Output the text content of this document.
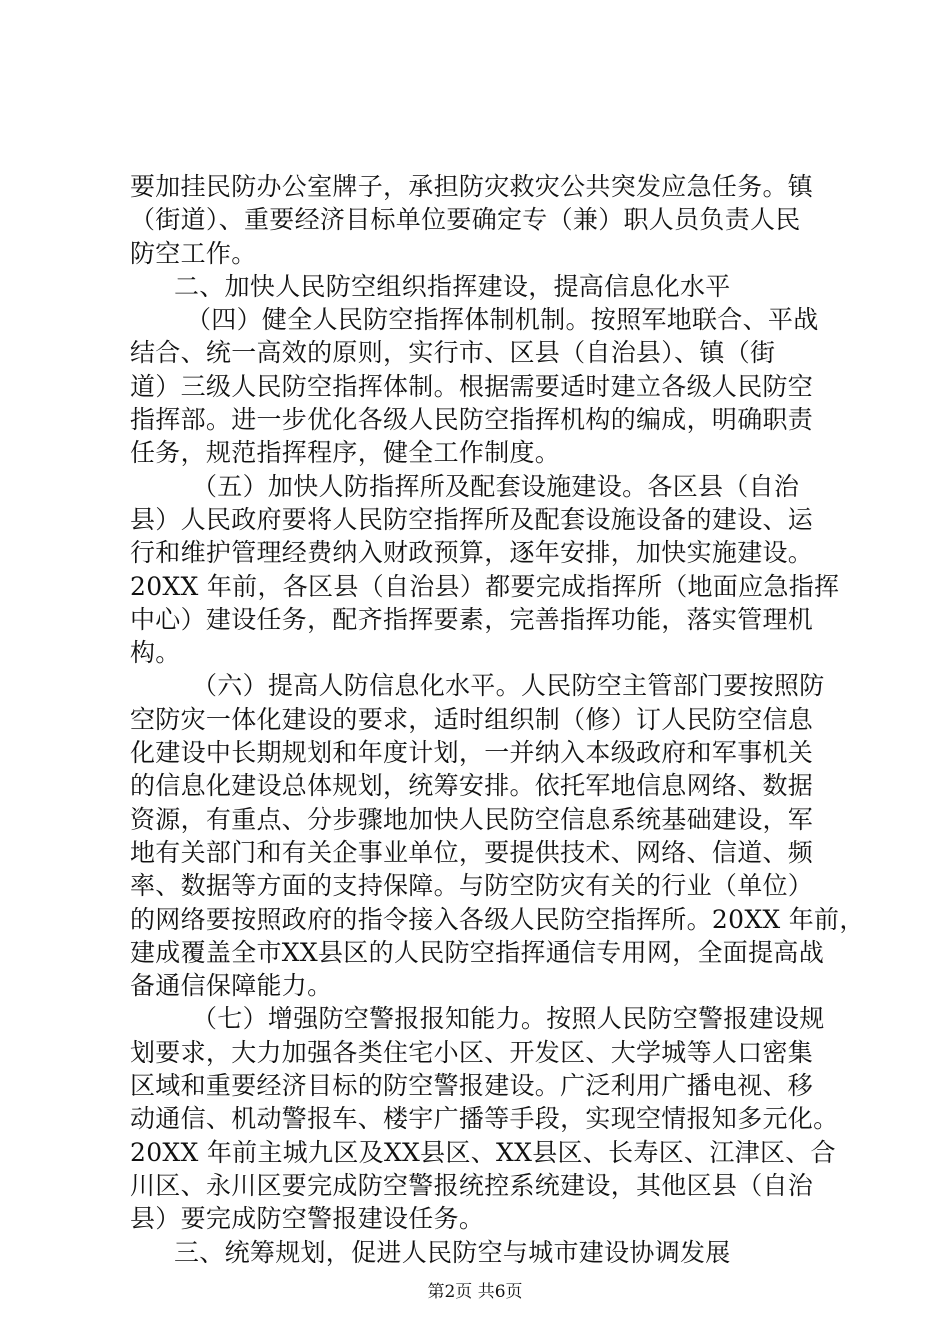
要加挂民防办公室牌子，承担防灾救灾公共突发应急任务。镇
（街道）、重要经济目标单位要确定专（兼）职人员负责人民
防空工作。
二、加快人民防空组织指挥建设，提高信息化水平
（四）健全人民防空指挥体制机制。按照军地联合、平战
结合、统一高效的原则，实行市、区县（自治县）、镇（街
道）三级人民防空指挥体制。根据需要适时建立各级人民防空
指挥部。进一步优化各级人民防空指挥机构的编成，明确职责
任务，规范指挥程序，健全工作制度。
（五）加快人防指挥所及配套设施建设。各区县（自治
县）人民政府要将人民防空指挥所及配套设施设备的建设、运
行和维护管理经费纳入财政预算，逐年安排，加快实施建设。
20XX 年前，各区县（自治县）都要完成指挥所（地面应急指挥
中心）建设任务，配齐指挥要素，完善指挥功能，落实管理机
构。
（六）提高人防信息化水平。人民防空主管部门要按照防
空防灾一体化建设的要求，适时组织制（修）订人民防空信息
化建设中长期规划和年度计划，一并纳入本级政府和军事机关
的信息化建设总体规划，统筹安排。依托军地信息网络、数据
资源，有重点、分步骤地加快人民防空信息系统基础建设，军
地有关部门和有关企事业单位，要提供技术、网络、信道、频
率、数据等方面的支持保障。与防空防灾有关的行业（单位）
的网络要按照政府的指令接入各级人民防空指挥所。20XX 年前，
建成覆盖全市XX县区的人民防空指挥通信专用网，全面提高战
备通信保障能力。
（七）增强防空警报报知能力。按照人民防空警报建设规
划要求，大力加强各类住宅小区、开发区、大学城等人口密集
区域和重要经济目标的防空警报建设。广泛利用广播电视、移
动通信、机动警报车、楼宇广播等手段，实现空情报知多元化。
20XX 年前主城九区及XX县区、XX县区、长寿区、江津区、合
川区、永川区要完成防空警报统控系统建设，其他区县（自治
县）要完成防空警报建设任务。
三、统筹规划，促进人民防空与城市建设协调发展
第2页 共6页
